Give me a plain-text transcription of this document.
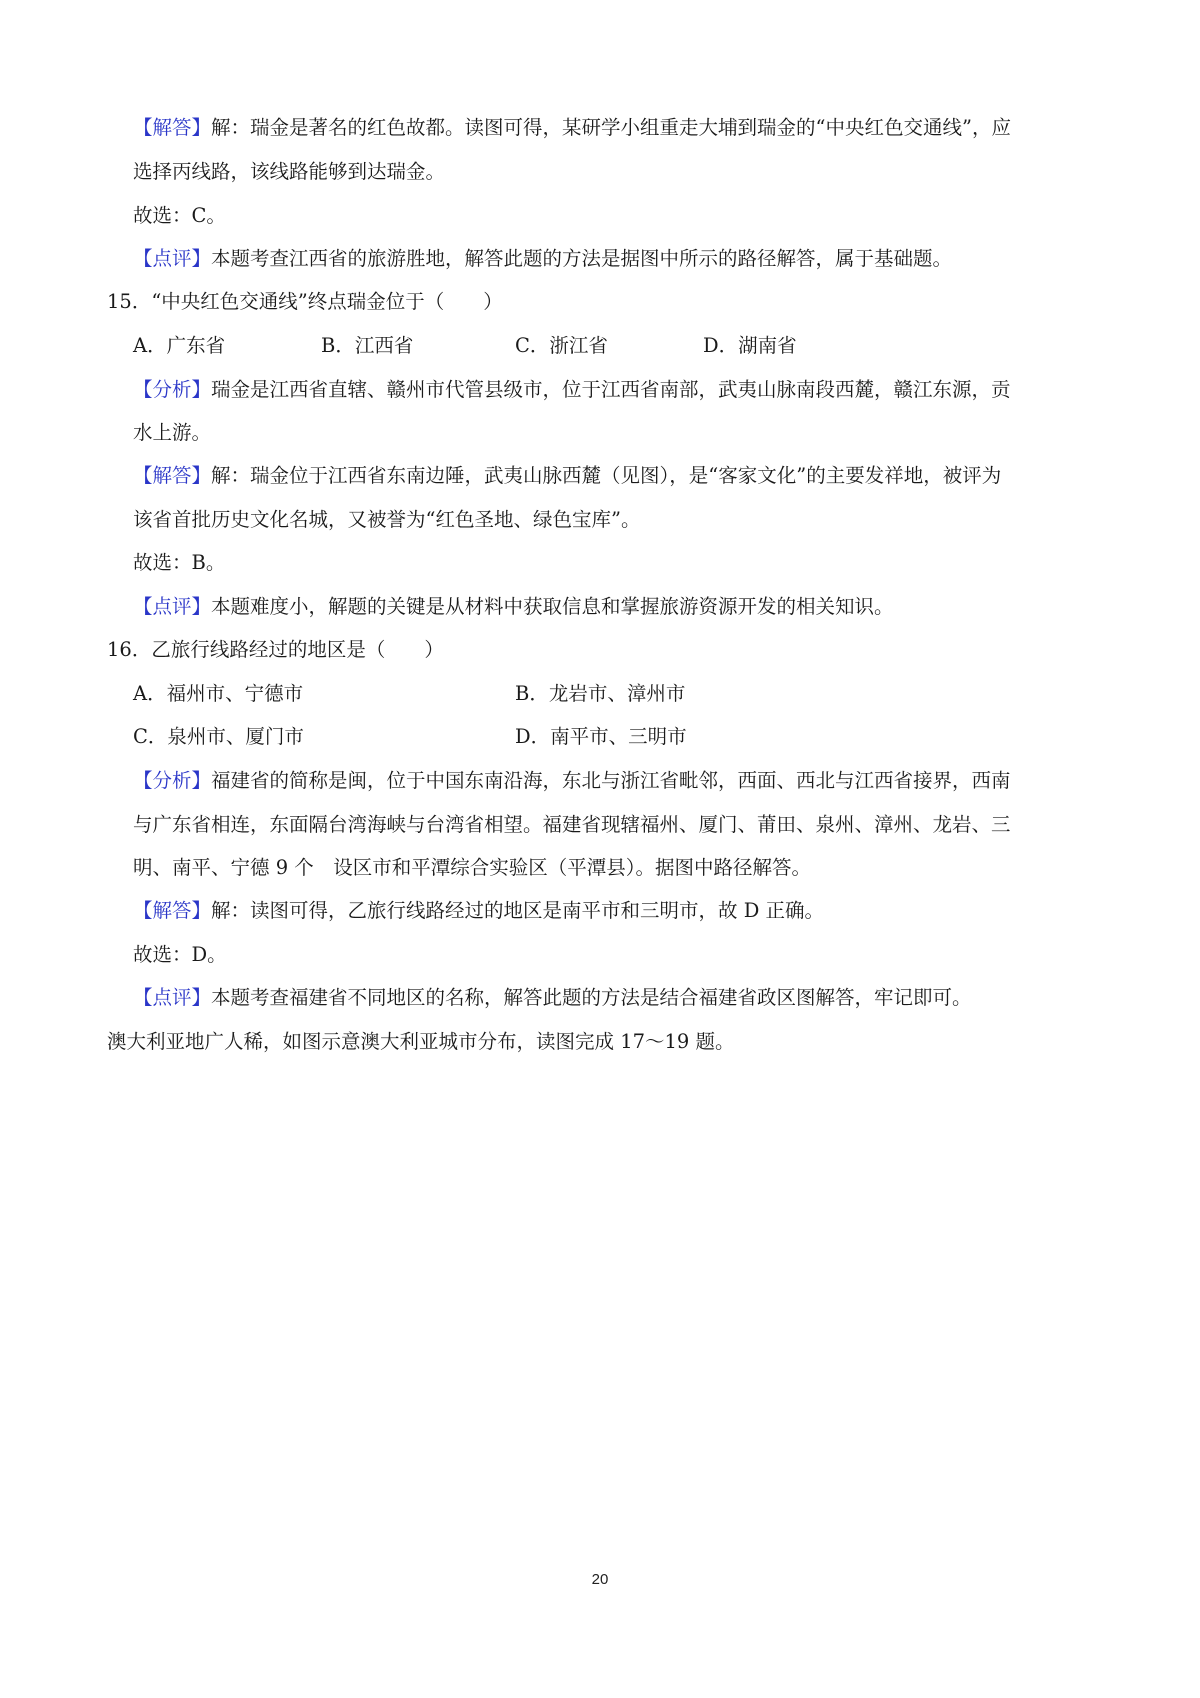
【解答】解：瑞金是著名的红色故都。读图可得，某研学小组重走大埔到瑞金的“中央红色交通线”，应
选择丙线路，该线路能够到达瑞金。
故选：C。
【点评】本题考查江西省的旅游胜地，解答此题的方法是据图中所示的路径解答，属于基础题。
15．“中央红色交通线”终点瑞金位于（　　）
A．广东省	B．江西省	C．浙江省	D．湖南省
【分析】瑞金是江西省直辖、赣州市代管县级市，位于江西省南部，武夷山脉南段西麓，赣江东源，贡
水上游。
【解答】解：瑞金位于江西省东南边陲，武夷山脉西麓（见图），是“客家文化”的主要发祥地，被评为
该省首批历史文化名城，又被誉为“红色圣地、绿色宝库”。
故选：B。
【点评】本题难度小，解题的关键是从材料中获取信息和掌握旅游资源开发的相关知识。
16．乙旅行线路经过的地区是（　　）
A．福州市、宁德市	B．龙岩市、漳州市
C．泉州市、厦门市	D．南平市、三明市
【分析】福建省的简称是闽，位于中国东南沿海，东北与浙江省毗邻，西面、西北与江西省接界，西南
与广东省相连，东面隔台湾海峡与台湾省相望。福建省现辖福州、厦门、莆田、泉州、漳州、龙岩、三
明、南平、宁德 9 个　设区市和平潭综合实验区（平潭县）。据图中路径解答。
【解答】解：读图可得，乙旅行线路经过的地区是南平市和三明市，故 D 正确。
故选：D。
【点评】本题考查福建省不同地区的名称，解答此题的方法是结合福建省政区图解答，牢记即可。
澳大利亚地广人稀，如图示意澳大利亚城市分布，读图完成 17～19 题。
20
